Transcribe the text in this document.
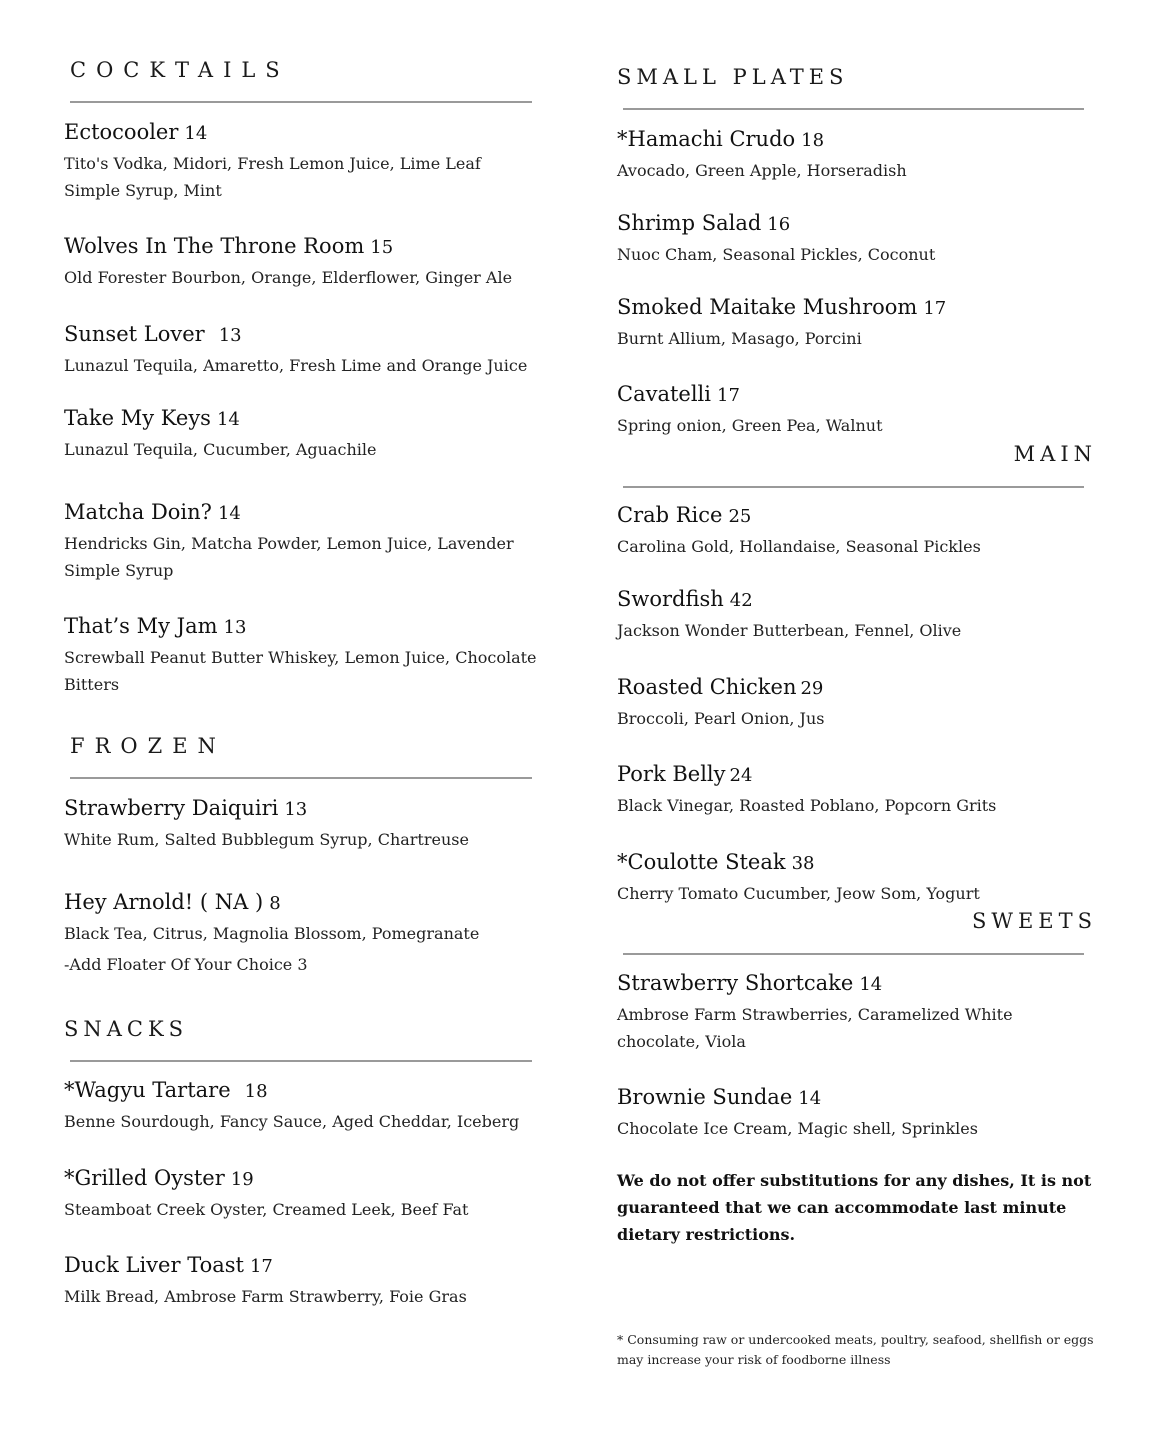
COCKTAILS
Ectocooler 14
Tito's Vodka, Midori, Fresh Lemon Juice, Lime Leaf Simple Syrup, Mint
Wolves In The Throne Room 15
Old Forester Bourbon, Orange, Elderflower, Ginger Ale
Sunset Lover 13
Lunazul Tequila, Amaretto, Fresh Lime and Orange Juice
Take My Keys 14
Lunazul Tequila, Cucumber, Aguachile
Matcha Doin? 14
Hendricks Gin, Matcha Powder, Lemon Juice, Lavender Simple Syrup
That’s My Jam 13
Screwball Peanut Butter Whiskey, Lemon Juice, Chocolate Bitters
FROZEN
Strawberry Daiquiri 13
White Rum, Salted Bubblegum Syrup, Chartreuse
Hey Arnold! ( NA ) 8
Black Tea, Citrus, Magnolia Blossom, Pomegranate
-Add Floater Of Your Choice 3
SNACKS
*Wagyu Tartare 18
Benne Sourdough, Fancy Sauce, Aged Cheddar, Iceberg
*Grilled Oyster 19
Steamboat Creek Oyster, Creamed Leek, Beef Fat
Duck Liver Toast 17
Milk Bread, Ambrose Farm Strawberry, Foie Gras
SMALL PLATES
*Hamachi Crudo 18
Avocado, Green Apple, Horseradish
Shrimp Salad 16
Nuoc Cham, Seasonal Pickles, Coconut
Smoked Maitake Mushroom 17
Burnt Allium, Masago, Porcini
Cavatelli 17
Spring onion, Green Pea, Walnut
MAIN
Crab Rice 25
Carolina Gold, Hollandaise, Seasonal Pickles
Swordfish 42
Jackson Wonder Butterbean, Fennel, Olive
Roasted Chicken 29
Broccoli, Pearl Onion, Jus
Pork Belly 24
Black Vinegar, Roasted Poblano, Popcorn Grits
*Coulotte Steak 38
Cherry Tomato Cucumber, Jeow Som, Yogurt
SWEETS
Strawberry Shortcake 14
Ambrose Farm Strawberries, Caramelized White chocolate, Viola
Brownie Sundae 14
Chocolate Ice Cream, Magic shell, Sprinkles
We do not offer substitutions for any dishes, It is not guaranteed that we can accommodate last minute dietary restrictions.
* Consuming raw or undercooked meats, poultry, seafood, shellfish or eggs may increase your risk of foodborne illness
